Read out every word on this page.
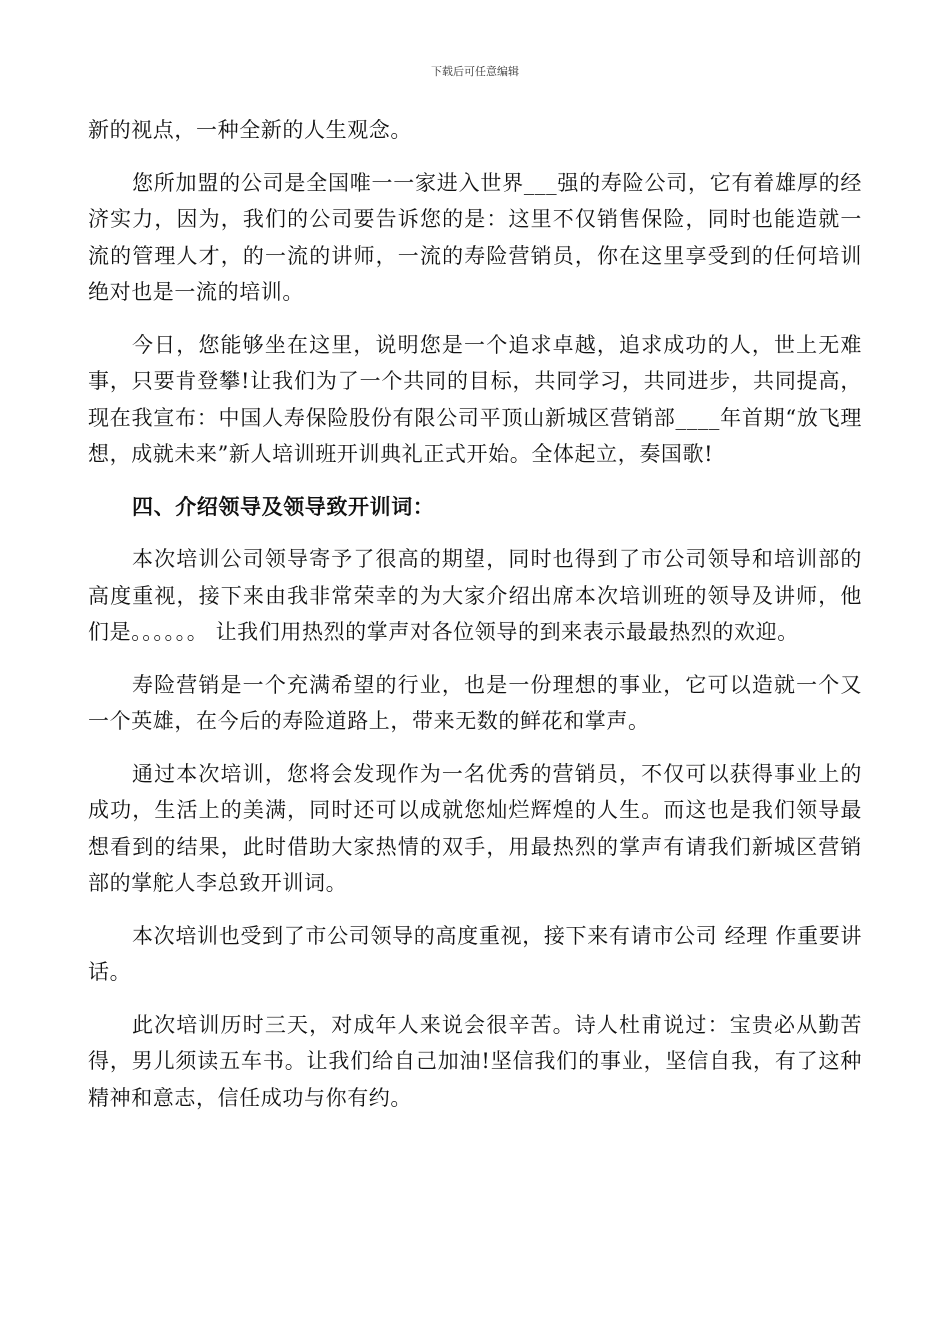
下载后可任意编辑

新的视点，一种全新的人生观念。

您所加盟的公司是全国唯一一家进入世界___强的寿险公司，它有着雄厚的经济实力，因为，我们的公司要告诉您的是：这里不仅销售保险，同时也能造就一流的管理人才，的一流的讲师，一流的寿险营销员，你在这里享受到的任何培训绝对也是一流的培训。

今日，您能够坐在这里，说明您是一个追求卓越，追求成功的人，世上无难事，只要肯登攀!让我们为了一个共同的目标，共同学习，共同进步，共同提高，现在我宣布：中国人寿保险股份有限公司平顶山新城区营销部____年首期“放飞理想，成就未来”新人培训班开训典礼正式开始。全体起立，奏国歌!

四、介绍领导及领导致开训词：

本次培训公司领导寄予了很高的期望，同时也得到了市公司领导和培训部的高度重视，接下来由我非常荣幸的为大家介绍出席本次培训班的领导及讲师，他们是。。。。。。 让我们用热烈的掌声对各位领导的到来表示最最热烈的欢迎。

寿险营销是一个充满希望的行业，也是一份理想的事业，它可以造就一个又一个英雄，在今后的寿险道路上，带来无数的鲜花和掌声。

通过本次培训，您将会发现作为一名优秀的营销员，不仅可以获得事业上的成功，生活上的美满，同时还可以成就您灿烂辉煌的人生。而这也是我们领导最想看到的结果，此时借助大家热情的双手，用最热烈的掌声有请我们新城区营销部的掌舵人李总致开训词。

本次培训也受到了市公司领导的高度重视，接下来有请市公司 经理 作重要讲话。

此次培训历时三天，对成年人来说会很辛苦。诗人杜甫说过：宝贵必从勤苦得，男儿须读五车书。让我们给自己加油!坚信我们的事业，坚信自我，有了这种精神和意志，信任成功与你有约。
